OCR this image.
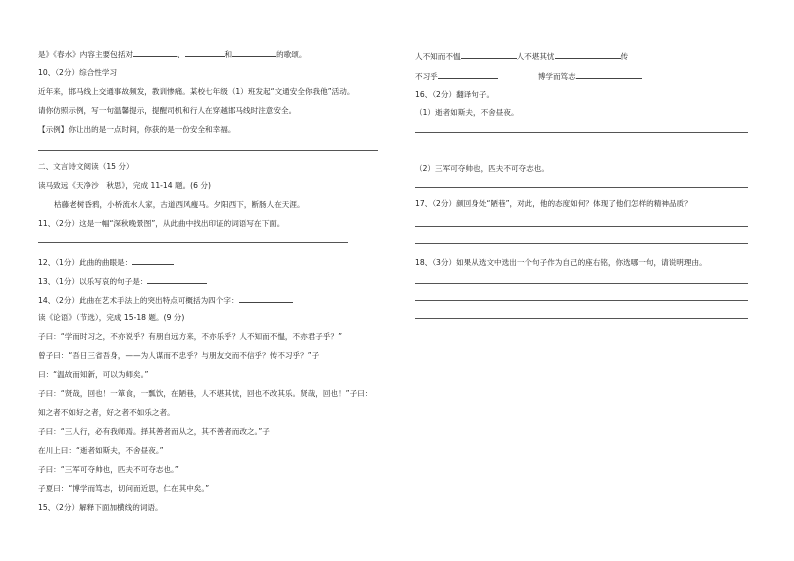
是》《春水》内容主要包括对	、	和	的歌颂。
10、（2分）综合性学习
近年来，邯马线上交通事故频发，教训惨痛。某校七年级（1）班发起“文通安全你我他”活动。
请你仿照示例，写一句温馨提示，提醒司机和行人在穿越邯马线时注意安全。
【示例】你让出的是一点时间，你获的是一份安全和幸福。
二、文言诗文阅读（15 分）
读马致远《天净沙　秋思》，完成 11-14 题。(6 分)
枯藤老树昏鸦，小桥流水人家，古道西风瘦马。夕阳西下，断肠人在天涯。
11、（2分）这是一幅“深秋晚景图”，从此曲中找出印证的词语写在下面。
12、（1分）此曲的曲眼是：
13、（1分）以乐写哀的句子是：
14、（2分）此曲在艺术手法上的突出特点可概括为四个字：
读《论语》（节选），完成 15-18 题。(9 分)
子曰：“学而时习之，不亦说乎？有朋自远方来，不亦乐乎？人不知而不愠，不亦君子乎？”
曾子曰：“吾日三省吾身，——为人谋而不忠乎？与朋友交而不信乎？传不习乎？”子
曰：“温故而知新，可以为师矣。”
子曰：“贤哉，回也！一箪食，一瓢饮，在陋巷，人不堪其忧，回也不改其乐。贤哉，回也！”子曰：
知之者不如好之者，好之者不如乐之者。
子曰：“三人行，必有我师焉。择其善者而从之，其不善者而改之。”子
在川上曰：“逝者如斯夫，不舍昼夜。”
子曰：“三军可夺帅也，匹夫不可夺志也。”
子夏曰：“博学而笃志，切问而近思，仁在其中矣。”
15、（2分）解释下面加横线的词语。
人不知而不愠	人不堪其忧	传
不习乎	博学而笃志
16、（2分）翻译句子。
（1）逝者如斯夫，不舍昼夜。
（2）三军可夺帅也，匹夫不可夺志也。
17、（2分）颜回身处“陋巷”，对此，他的态度如何？体现了他们怎样的精神品质？
18、（3分）如果从选文中选出一个句子作为自己的座右铭，你选哪一句，请说明理由。
